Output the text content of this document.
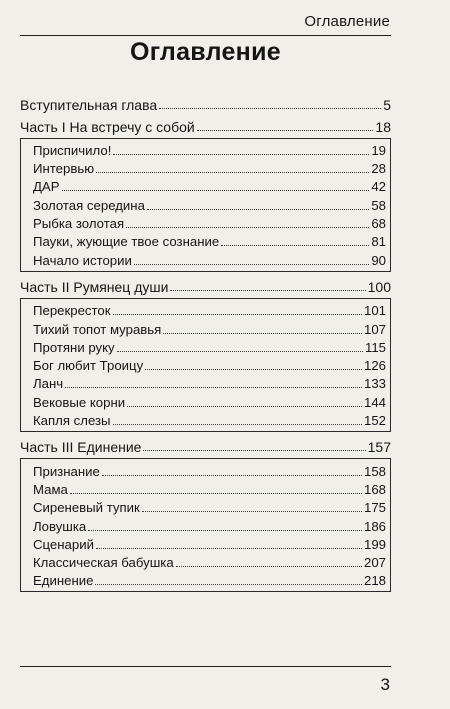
Оглавление
Оглавление
Вступительная глава	5
Часть I На встречу с собой	18
Приспичило!	19
Интервью	28
ДАР	42
Золотая середина	58
Рыбка золотая	68
Пауки, жующие твое сознание	81
Начало истории	90
Часть II Румянец души	100
Перекресток	101
Тихий топот муравья	107
Протяни руку	115
Бог любит Троицу	126
Ланч	133
Вековые корни	144
Капля слезы	152
Часть III Единение	157
Признание	158
Мама	168
Сиреневый тупик	175
Ловушка	186
Сценарий	199
Классическая бабушка	207
Единение	218
3
